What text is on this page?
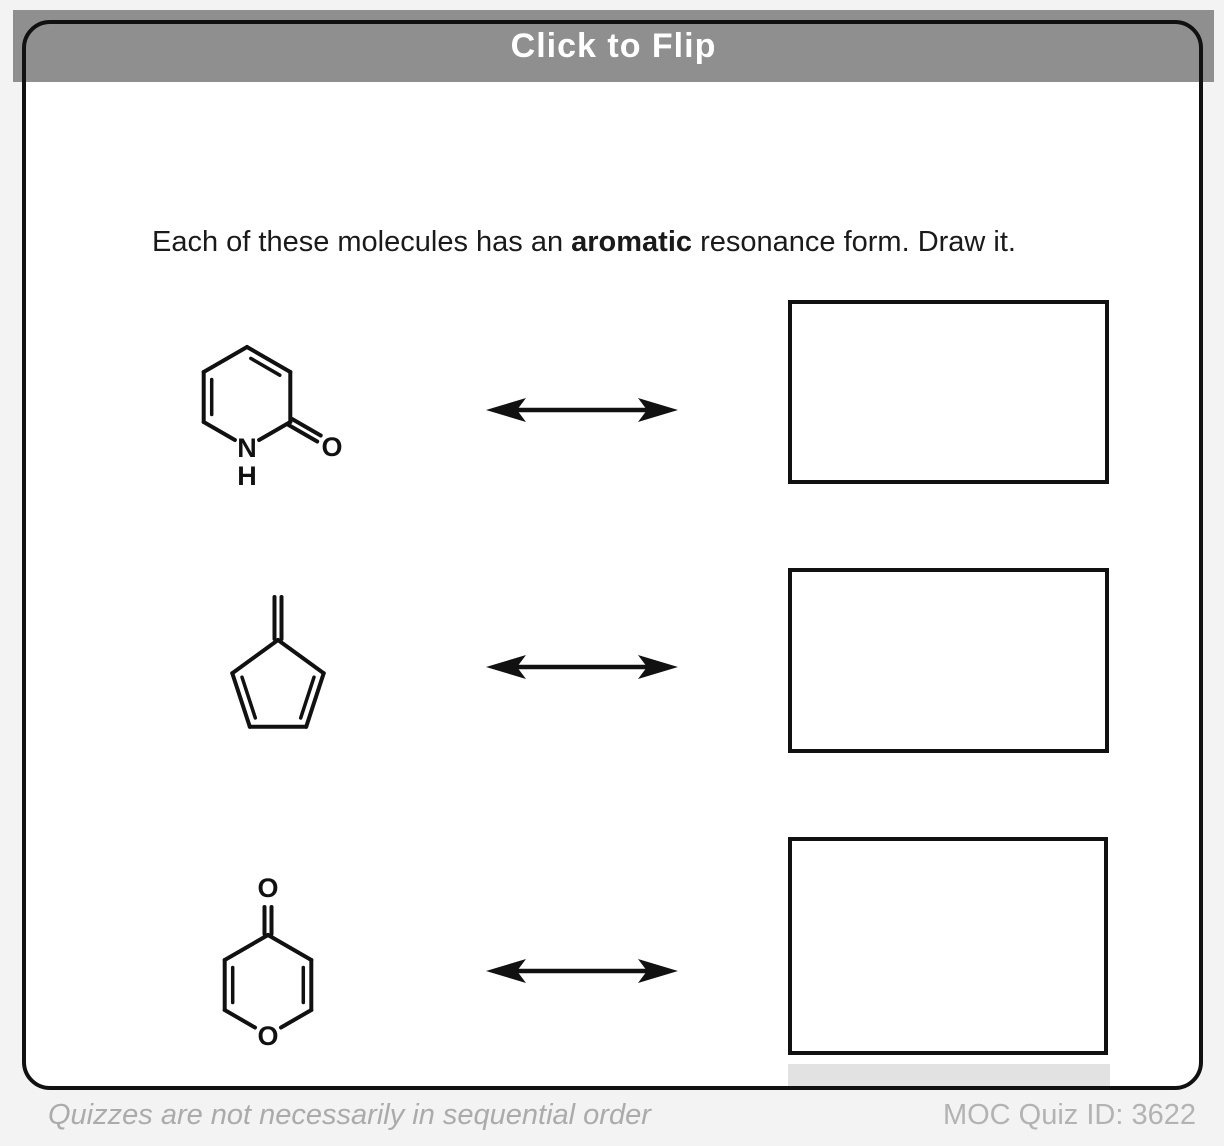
Click to Flip
Each of these molecules has an aromatic resonance form. Draw it.
N
H
O
O
O
Quizzes are not necessarily in sequential order	MOC Quiz ID: 3622
